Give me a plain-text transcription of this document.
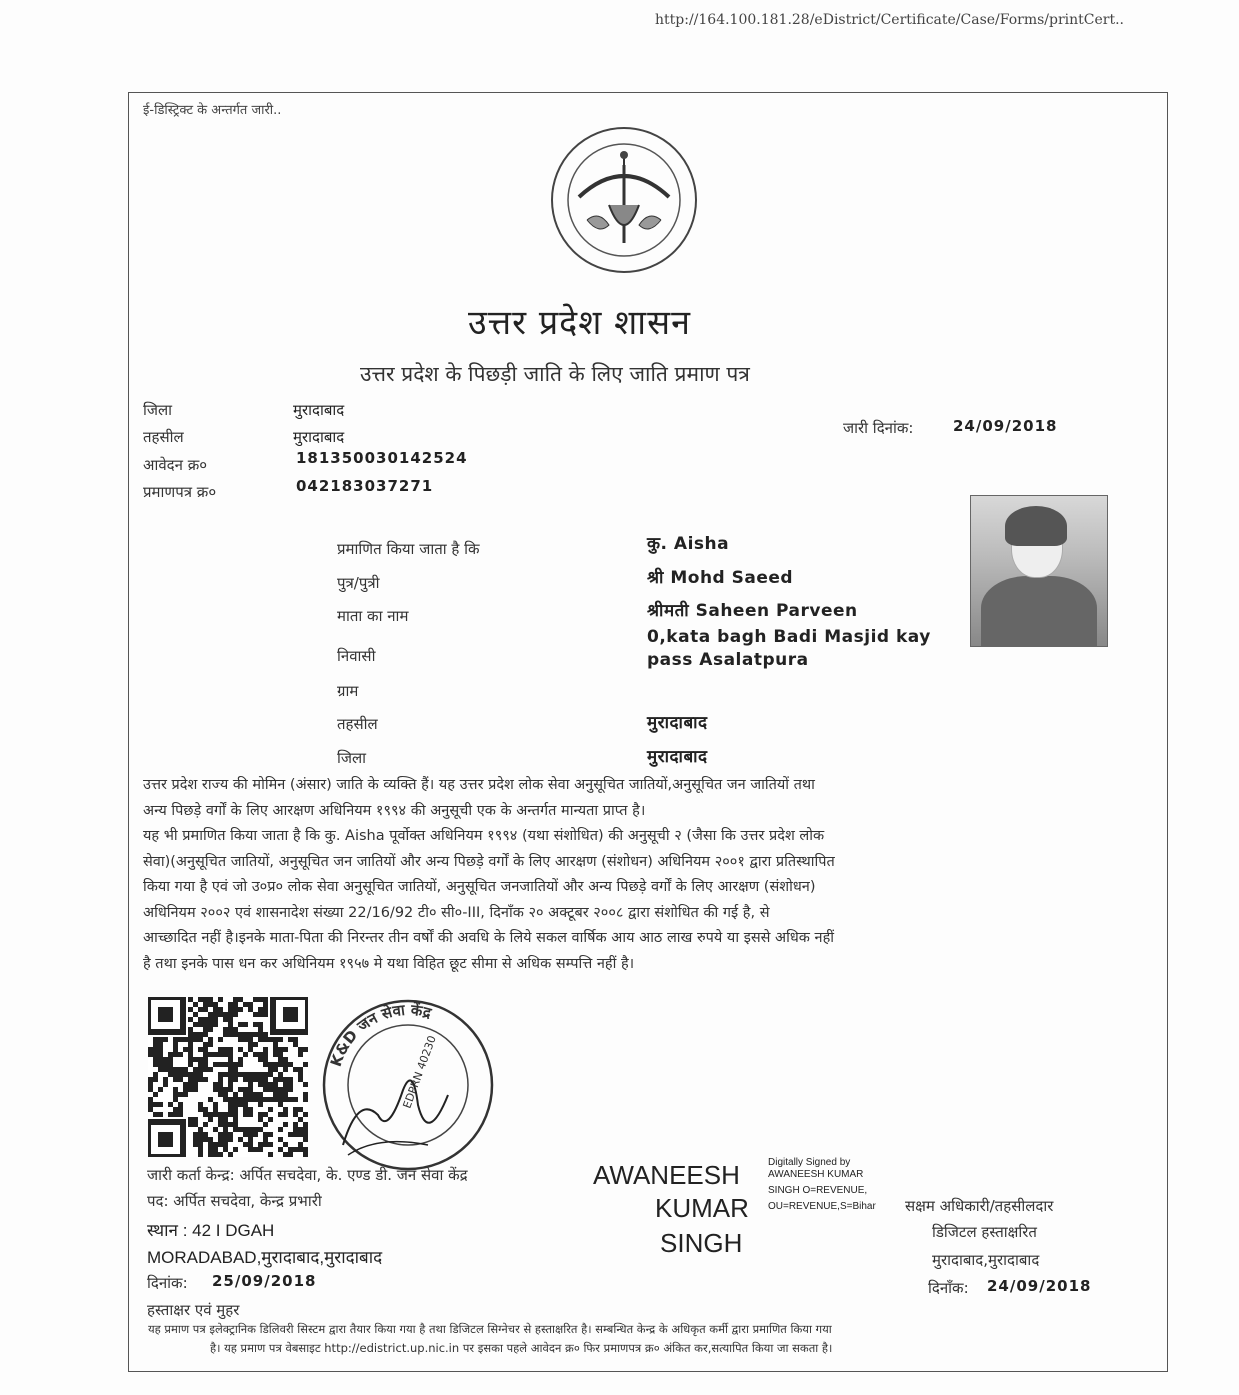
http://164.100.181.28/eDistrict/Certificate/Case/Forms/printCert..
ई-डिस्ट्रिक्ट के अन्तर्गत जारी..
उत्तर प्रदेश शासन
उत्तर प्रदेश के पिछड़ी जाति के लिए जाति प्रमाण पत्र
जिला	मुरादाबाद
तहसील	मुरादाबाद
आवेदन क्र०	181350030142524
प्रमाणपत्र क्र०	042183037271
जारी दिनांक:	24/09/2018
प्रमाणित किया जाता है कि	कु. Aisha
पुत्र/पुत्री	श्री Mohd Saeed
माता का नाम	श्रीमती Saheen Parveen
निवासी
0,kata bagh Badi Masjid kay
pass Asalatpura
ग्राम
तहसील	मुरादाबाद
जिला	मुरादाबाद

उत्तर प्रदेश राज्य की मोमिन (अंसार) जाति के व्यक्ति हैं। यह उत्तर प्रदेश लोक सेवा अनुसूचित जातियों,अनुसूचित जन जातियों तथा

अन्य पिछड़े वर्गों के लिए आरक्षण अधिनियम १९९४ की अनुसूची एक के अन्तर्गत मान्यता प्राप्त है।

यह भी प्रमाणित किया जाता है कि कु. Aisha पूर्वोक्त अधिनियम १९९४ (यथा संशोधित) की अनुसूची २ (जैसा कि उत्तर प्रदेश लोक

सेवा)(अनुसूचित जातियों, अनुसूचित जन जातियों और अन्य पिछड़े वर्गों के लिए आरक्षण (संशोधन) अधिनियम २००१ द्वारा प्रतिस्थापित

किया गया है एवं जो उ०प्र० लोक सेवा अनुसूचित जातियों, अनुसूचित जनजातियों और अन्य पिछड़े वर्गों के लिए आरक्षण (संशोधन)

अधिनियम २००२ एवं शासनादेश संख्या 22/16/92 टी० सी०-III, दिनाँक २० अक्टूबर २००८ द्वारा संशोधित की गई है, से

आच्छादित नहीं है।इनके माता-पिता की निरन्तर तीन वर्षों की अवधि के लिये सकल वार्षिक आय आठ लाख रुपये या इससे अधिक नहीं

है तथा इनके पास धन कर अधिनियम १९५७ मे यथा विहित छूट सीमा से अधिक सम्पत्ति नहीं है।

K&D जन सेवा केंद्र
EDPRN 40230
जारी कर्ता केन्द्र: अर्पित सचदेवा, के. एण्ड डी. जन सेवा केंद्र
पद: अर्पित सचदेवा, केन्द्र प्रभारी
स्थान : 42 I DGAH
MORADABAD,मुरादाबाद,मुरादाबाद
दिनांक: 25/09/2018
हस्ताक्षर एवं मुहर
AWANEESH
KUMAR
SINGH
Digitally Signed by
AWANEESH KUMAR
SINGH O=REVENUE,
OU=REVENUE,S=Bihar सक्षम अधिकारी/तहसीलदार
डिजिटल हस्ताक्षरित
मुरादाबाद,मुरादाबाद
दिनाँक: 24/09/2018
यह प्रमाण पत्र इलेक्ट्रानिक डिलिवरी सिस्टम द्वारा तैयार किया गया है तथा डिजिटल सिग्नेचर से हस्ताक्षरित है। सम्बन्धित केन्द्र के अधिकृत कर्मी द्वारा प्रमाणित किया गया
है। यह प्रमाण पत्र वेबसाइट http://edistrict.up.nic.in पर इसका पहले आवेदन क्र० फिर प्रमाणपत्र क्र० अंकित कर,सत्यापित किया जा सकता है।
